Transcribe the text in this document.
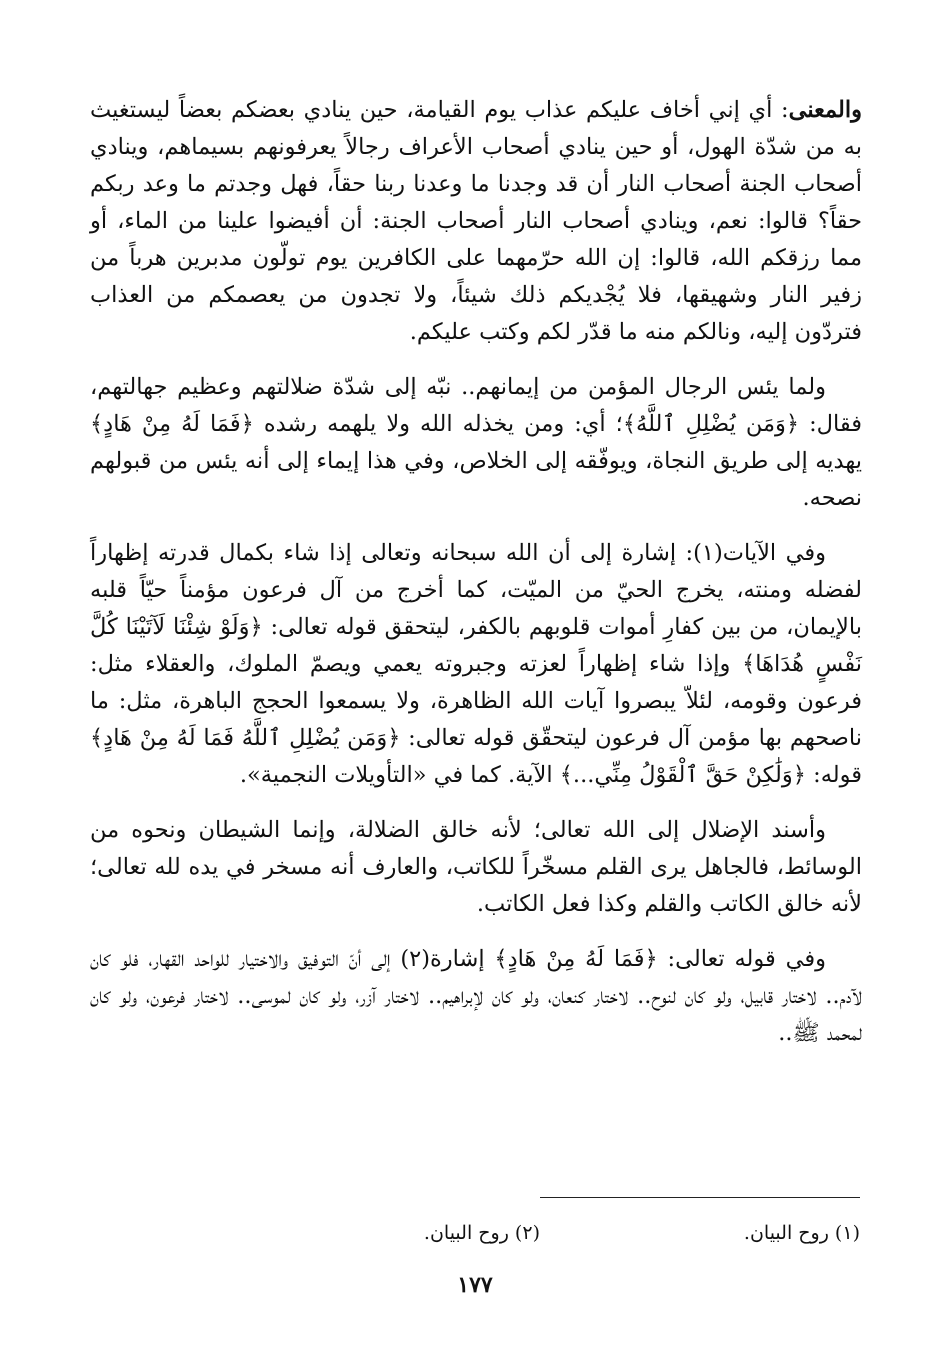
والمعنى: أي إني أخاف عليكم عذاب يوم القيامة، حين ينادي بعضكم بعضاً ليستغيث به من شدّة الهول، أو حين ينادي أصحاب الأعراف رجالاً يعرفونهم بسيماهم، وينادي أصحاب الجنة أصحاب النار أن قد وجدنا ما وعدنا ربنا حقاً، فهل وجدتم ما وعد ربكم حقاً؟ قالوا: نعم، وينادي أصحاب النار أصحاب الجنة: أن أفيضوا علينا من الماء، أو مما رزقكم الله، قالوا: إن الله حرّمهما على الكافرين يوم تولّون مدبرين هرباً من زفير النار وشهيقها، فلا يُجْديكم ذلك شيئاً، ولا تجدون من يعصمكم من العذاب فتردّون إليه، ونالكم منه ما قدّر لكم وكتب عليكم.

ولما يئس الرجال المؤمن من إيمانهم.. نبّه إلى شدّة ضلالتهم وعظيم جهالتهم، فقال: ﴿وَمَن يُضْلِلِ ٱللَّهُ﴾؛ أي: ومن يخذله الله ولا يلهمه رشده ﴿فَمَا لَهُ مِنْ هَادٍ﴾ يهديه إلى طريق النجاة، ويوفّقه إلى الخلاص، وفي هذا إيماء إلى أنه يئس من قبولهم نصحه.

وفي الآيات(١): إشارة إلى أن الله سبحانه وتعالى إذا شاء بكمال قدرته إظهاراً لفضله ومنته، يخرج الحيّ من الميّت، كما أخرج من آل فرعون مؤمناً حيّاً قلبه بالإيمان، من بين كفارِ أموات قلوبهم بالكفر، ليتحقق قوله تعالى: ﴿وَلَوْ شِئْنَا لَآتَيْنَا كُلَّ نَفْسٍ هُدَاهَا﴾ وإذا شاء إظهاراً لعزته وجبروته يعمي ويصمّ الملوك، والعقلاء مثل: فرعون وقومه، لئلاّ يبصروا آيات الله الظاهرة، ولا يسمعوا الحجج الباهرة، مثل: ما ناصحهم بها مؤمن آل فرعون ليتحقّق قوله تعالى: ﴿وَمَن يُضْلِلِ ٱللَّهُ فَمَا لَهُ مِنْ هَادٍ﴾ قوله: ﴿وَلَٰكِنْ حَقَّ ٱلْقَوْلُ مِنِّي...﴾ الآية. كما في «التأويلات النجمية».

وأسند الإضلال إلى الله تعالى؛ لأنه خالق الضلالة، وإنما الشيطان ونحوه من الوسائط، فالجاهل يرى القلم مسخّراً للكاتب، والعارف أنه مسخر في يده لله تعالى؛ لأنه خالق الكاتب والقلم وكذا فعل الكاتب.

وفي قوله تعالى: ﴿فَمَا لَهُ مِنْ هَادٍ﴾ إشارة(٢) إلى أنّ التوفيق والاختيار للواحد القهار، فلو كان لآدم.. لاختار قابيل، ولو كان لنوح.. لاختار كنعان، ولو كان لإبراهيم.. لاختار آزر، ولو كان لموسى.. لاختار فرعون، ولو كان لمحمد ﷺ..

(١) روح البيان.
(٢) روح البيان.
١٧٧
